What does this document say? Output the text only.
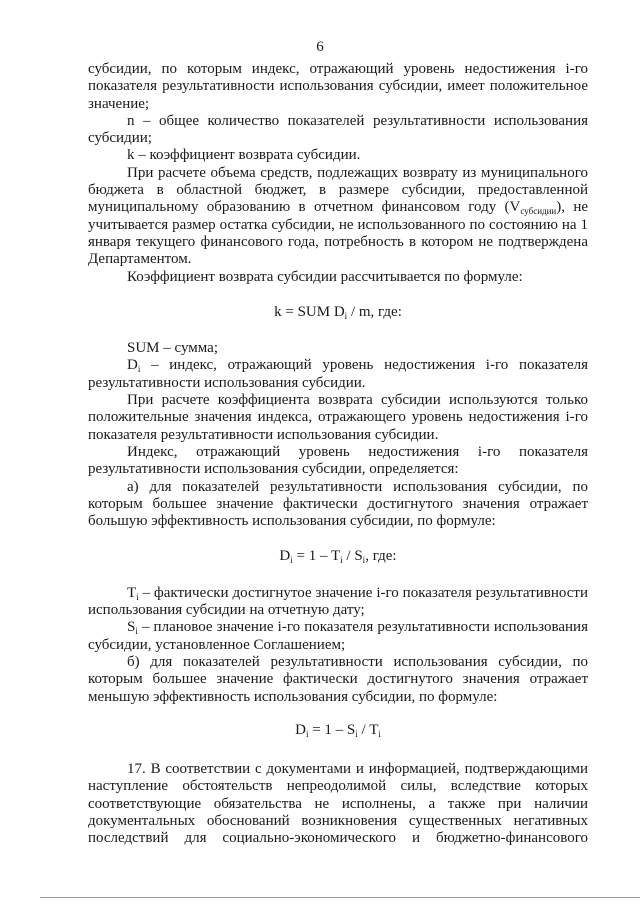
6

субсидии, по которым индекс, отражающий уровень недостижения i-го показателя результативности использования субсидии, имеет положительное значение;

n – общее количество показателей результативности использования субсидии;

k – коэффициент возврата субсидии.

При расчете объема средств, подлежащих возврату из муниципального бюджета в областной бюджет, в размере субсидии, предоставленной муниципальному образованию в отчетном финансовом году $(V_{субсидии})$, не учитывается размер остатка субсидии, не использованного по состоянию на 1 января текущего финансового года, потребность в котором не подтверждена Департаментом.

Коэффициент возврата субсидии рассчитывается по формуле:

k = SUM $D_i$ / m, где:

SUM – сумма;

$D_i$ – индекс, отражающий уровень недостижения i-го показателя результативности использования субсидии.

При расчете коэффициента возврата субсидии используются только положительные значения индекса, отражающего уровень недостижения i-го показателя результативности использования субсидии.

Индекс, отражающий уровень недостижения i-го показателя результативности использования субсидии, определяется:

а) для показателей результативности использования субсидии, по которым большее значение фактически достигнутого значения отражает большую эффективность использования субсидии, по формуле:

$D_i = 1 - T_i / S_i$, где:

$T_i$ – фактически достигнутое значение i-го показателя результативности использования субсидии на отчетную дату;

$S_i$ – плановое значение i-го показателя результативности использования субсидии, установленное Соглашением;

б) для показателей результативности использования субсидии, по которым большее значение фактически достигнутого значения отражает меньшую эффективность использования субсидии, по формуле:

$D_i = 1 - S_i / T_i$

17. В соответствии с документами и информацией, подтверждающими наступление обстоятельств непреодолимой силы, вследствие которых соответствующие обязательства не исполнены, а также при наличии документальных обоснований возникновения существенных негативных последствий для социально-экономического и бюджетно-финансового
